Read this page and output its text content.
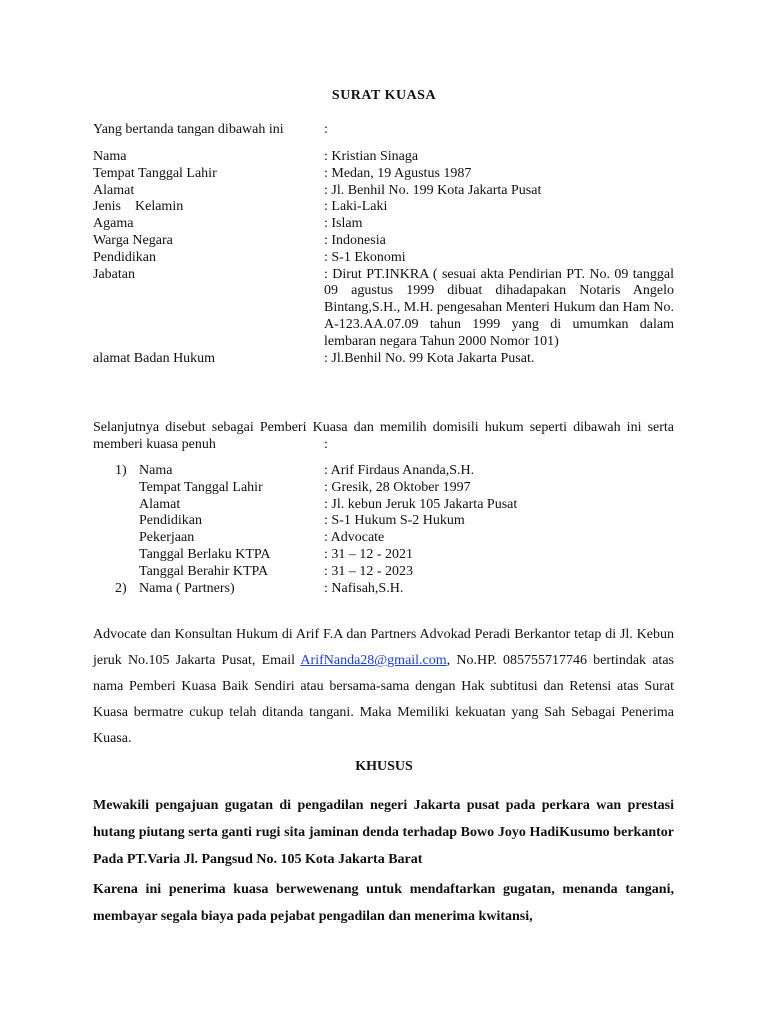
SURAT KUASA
Yang bertanda tangan dibawah ini	:
Nama	: Kristian Sinaga
Tempat Tanggal Lahir	: Medan, 19 Agustus 1987
Alamat	: Jl. Benhil No. 199 Kota Jakarta Pusat
Jenis    Kelamin	: Laki-Laki
Agama	: Islam
Warga Negara	: Indonesia
Pendidikan	: S-1 Ekonomi
Jabatan	: Dirut PT.INKRA ( sesuai akta Pendirian PT. No. 09 tanggal 09 agustus 1999 dibuat dihadapakan Notaris Angelo Bintang,S.H., M.H. pengesahan Menteri Hukum dan Ham No. A-123.AA.07.09 tahun 1999 yang di umumkan dalam lembaran negara Tahun 2000 Nomor 101)
alamat Badan Hukum	: Jl.Benhil No. 99 Kota Jakarta Pusat.
Selanjutnya disebut sebagai Pemberi Kuasa dan memilih domisili hukum seperti dibawah ini serta memberi kuasa penuh	:
1) Nama	: Arif Firdaus Ananda,S.H.
Tempat Tanggal Lahir	: Gresik, 28 Oktober 1997
Alamat	: Jl. kebun Jeruk 105 Jakarta Pusat
Pendidikan	: S-1 Hukum S-2 Hukum
Pekerjaan	: Advocate
Tanggal Berlaku KTPA	: 31 – 12 - 2021
Tanggal Berahir KTPA	: 31 – 12 - 2023
2) Nama ( Partners)	: Nafisah,S.H.
Advocate dan Konsultan Hukum di Arif F.A dan Partners Advokad Peradi Berkantor tetap di Jl. Kebun jeruk No.105 Jakarta Pusat, Email ArifNanda28@gmail.com, No.HP. 085755717746 bertindak atas nama Pemberi Kuasa Baik Sendiri atau bersama-sama dengan Hak subtitusi dan Retensi atas Surat Kuasa bermatre cukup telah ditanda tangani. Maka Memiliki kekuatan yang Sah Sebagai Penerima Kuasa.
KHUSUS
Mewakili pengajuan gugatan di pengadilan negeri Jakarta pusat pada perkara wan prestasi hutang piutang serta ganti rugi sita jaminan denda terhadap Bowo Joyo HadiKusumo berkantor Pada PT.Varia Jl. Pangsud No. 105 Kota Jakarta Barat
Karena ini penerima kuasa berwewenang untuk mendaftarkan gugatan, menanda tangani, membayar segala biaya pada pejabat pengadilan dan menerima kwitansi,
